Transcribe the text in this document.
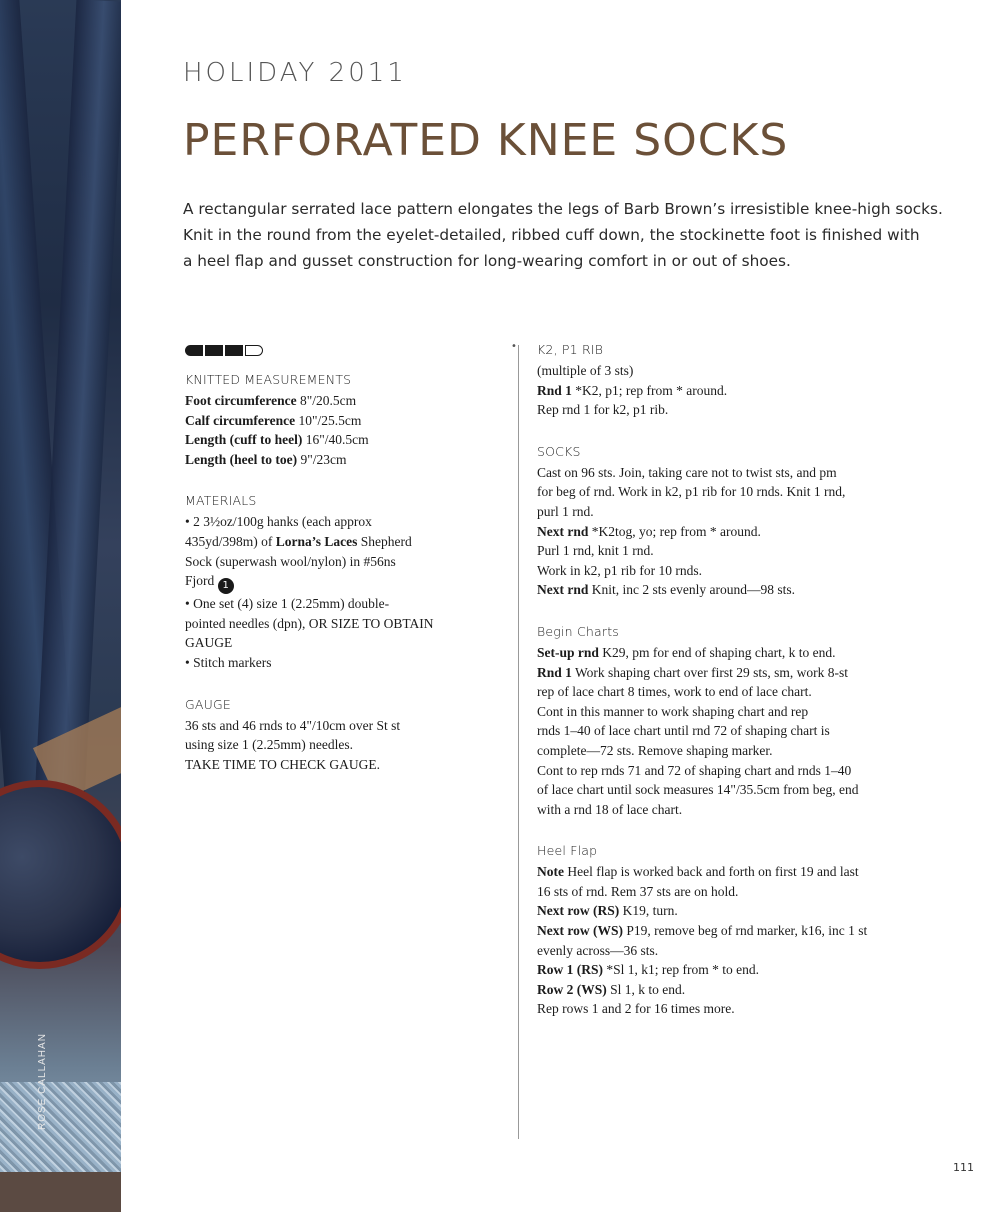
ROSE CALLAHAN
HOLIDAY 2011
PERFORATED KNEE SOCKS
A rectangular serrated lace pattern elongates the legs of Barb Brown’s irresistible knee-high socks.
Knit in the round from the eyelet-detailed, ribbed cuff down, the stockinette foot is finished with
a heel flap and gusset construction for long-wearing comfort in or out of shoes.
KNITTED MEASUREMENTS
Foot circumference 8"/20.5cm
Calf circumference 10"/25.5cm
Length (cuff to heel) 16"/40.5cm
Length (heel to toe) 9"/23cm
MATERIALS
• 2 3½oz/100g hanks (each approx
435yd/398m) of Lorna’s Laces Shepherd
Sock (superwash wool/nylon) in #56ns
Fjord 1
• One set (4) size 1 (2.25mm) double-
pointed needles (dpn), OR SIZE TO OBTAIN
GAUGE
• Stitch markers
GAUGE
36 sts and 46 rnds to 4"/10cm over St st
using size 1 (2.25mm) needles.
TAKE TIME TO CHECK GAUGE.
• K2, P1 RIB
(multiple of 3 sts)
Rnd 1 *K2, p1; rep from * around.
Rep rnd 1 for k2, p1 rib.
SOCKS
Cast on 96 sts. Join, taking care not to twist sts, and pm
for beg of rnd. Work in k2, p1 rib for 10 rnds. Knit 1 rnd,
purl 1 rnd.
Next rnd *K2tog, yo; rep from * around.
Purl 1 rnd, knit 1 rnd.
Work in k2, p1 rib for 10 rnds.
Next rnd Knit, inc 2 sts evenly around—98 sts.
Begin Charts
Set-up rnd K29, pm for end of shaping chart, k to end.
Rnd 1 Work shaping chart over first 29 sts, sm, work 8-st
rep of lace chart 8 times, work to end of lace chart.
Cont in this manner to work shaping chart and rep
rnds 1–40 of lace chart until rnd 72 of shaping chart is
complete—72 sts. Remove shaping marker.
Cont to rep rnds 71 and 72 of shaping chart and rnds 1–40
of lace chart until sock measures 14"/35.5cm from beg, end
with a rnd 18 of lace chart.
Heel Flap
Note Heel flap is worked back and forth on first 19 and last
16 sts of rnd. Rem 37 sts are on hold.
Next row (RS) K19, turn.
Next row (WS) P19, remove beg of rnd marker, k16, inc 1 st
evenly across—36 sts.
Row 1 (RS) *Sl 1, k1; rep from * to end.
Row 2 (WS) Sl 1, k to end.
Rep rows 1 and 2 for 16 times more.
111
